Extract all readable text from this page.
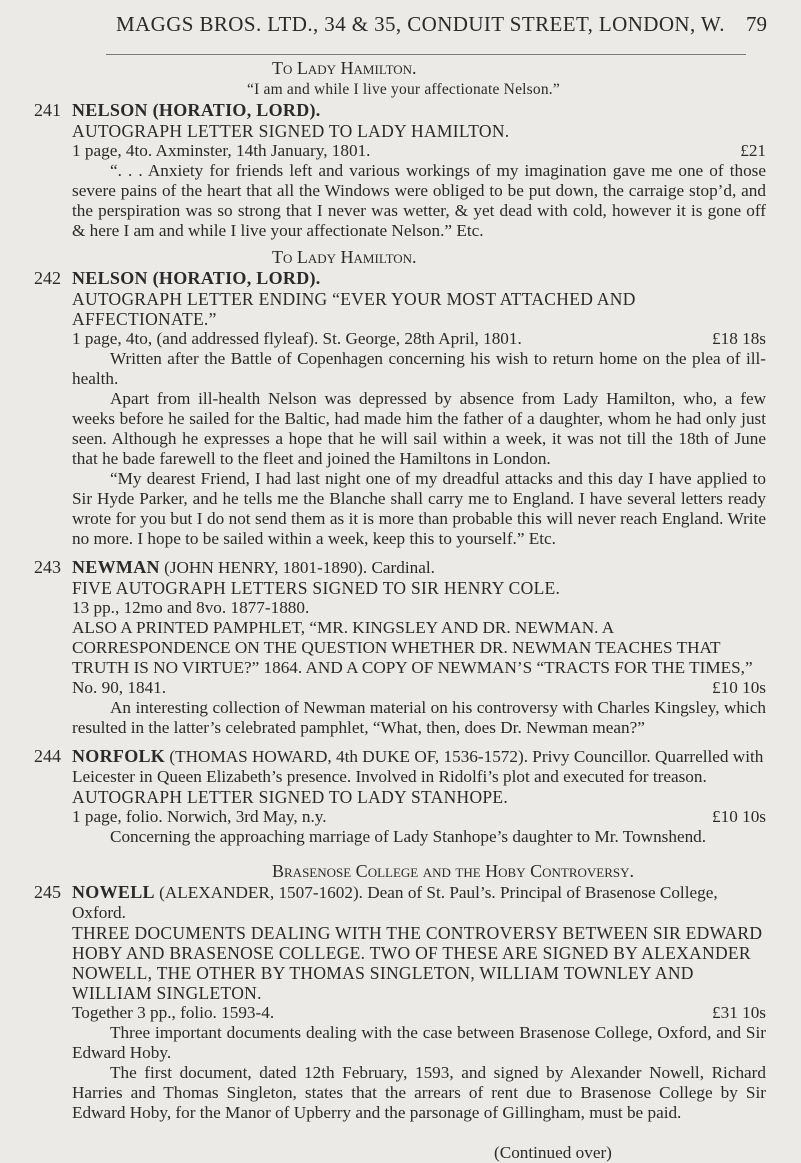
MAGGS BROS. LTD., 34 & 35, CONDUIT STREET, LONDON, W. 79
To Lady Hamilton.
“I am and while I live your affectionate Nelson.”
241 NELSON (HORATIO, LORD).
AUTOGRAPH LETTER SIGNED TO LADY HAMILTON.
1 page, 4to. Axminster, 14th January, 1801.	£21
“. . . Anxiety for friends left and various workings of my imagination gave me one of those severe pains of the heart that all the Windows were obliged to be put down, the carraige stop’d, and the perspiration was so strong that I never was wetter, & yet dead with cold, however it is gone off & here I am and while I live your affectionate Nelson.” Etc.
To Lady Hamilton.
242 NELSON (HORATIO, LORD).
AUTOGRAPH LETTER ENDING “EVER YOUR MOST ATTACHED AND AFFECTIONATE.”
1 page, 4to, (and addressed flyleaf). St. George, 28th April, 1801.	£18 18s
Written after the Battle of Copenhagen concerning his wish to return home on the plea of ill-health.
Apart from ill-health Nelson was depressed by absence from Lady Hamilton, who, a few weeks before he sailed for the Baltic, had made him the father of a daughter, whom he had only just seen. Although he expresses a hope that he will sail within a week, it was not till the 18th of June that he bade farewell to the fleet and joined the Hamiltons in London.
“My dearest Friend, I had last night one of my dreadful attacks and this day I have applied to Sir Hyde Parker, and he tells me the Blanche shall carry me to England. I have several letters ready wrote for you but I do not send them as it is more than probable this will never reach England. Write no more. I hope to be sailed within a week, keep this to yourself.” Etc.
243 NEWMAN (JOHN HENRY, 1801-1890). Cardinal.
FIVE AUTOGRAPH LETTERS SIGNED TO SIR HENRY COLE.
13 pp., 12mo and 8vo. 1877-1880.
ALSO A PRINTED PAMPHLET, “MR. KINGSLEY AND DR. NEWMAN. A CORRESPONDENCE ON THE QUESTION WHETHER DR. NEWMAN TEACHES THAT TRUTH IS NO VIRTUE?” 1864. AND A COPY OF NEWMAN’S “TRACTS FOR THE TIMES,” No. 90, 1841.	£10 10s
An interesting collection of Newman material on his controversy with Charles Kingsley, which resulted in the latter’s celebrated pamphlet, “What, then, does Dr. Newman mean?”
244 NORFOLK (THOMAS HOWARD, 4th DUKE OF, 1536-1572). Privy Councillor. Quarrelled with Leicester in Queen Elizabeth’s presence. Involved in Ridolfi’s plot and executed for treason.
AUTOGRAPH LETTER SIGNED TO LADY STANHOPE.
1 page, folio. Norwich, 3rd May, n.y.	£10 10s
Concerning the approaching marriage of Lady Stanhope’s daughter to Mr. Townshend.
Brasenose College and the Hoby Controversy.
245 NOWELL (ALEXANDER, 1507-1602). Dean of St. Paul’s. Principal of Brasenose College, Oxford.
THREE DOCUMENTS DEALING WITH THE CONTROVERSY BETWEEN SIR EDWARD HOBY AND BRASENOSE COLLEGE. TWO OF THESE ARE SIGNED BY ALEXANDER NOWELL, THE OTHER BY THOMAS SINGLETON, WILLIAM TOWNLEY AND WILLIAM SINGLETON.
Together 3 pp., folio. 1593-4.	£31 10s
Three important documents dealing with the case between Brasenose College, Oxford, and Sir Edward Hoby.
The first document, dated 12th February, 1593, and signed by Alexander Nowell, Richard Harries and Thomas Singleton, states that the arrears of rent due to Brasenose College by Sir Edward Hoby, for the Manor of Upberry and the parsonage of Gillingham, must be paid.
(Continued over)
